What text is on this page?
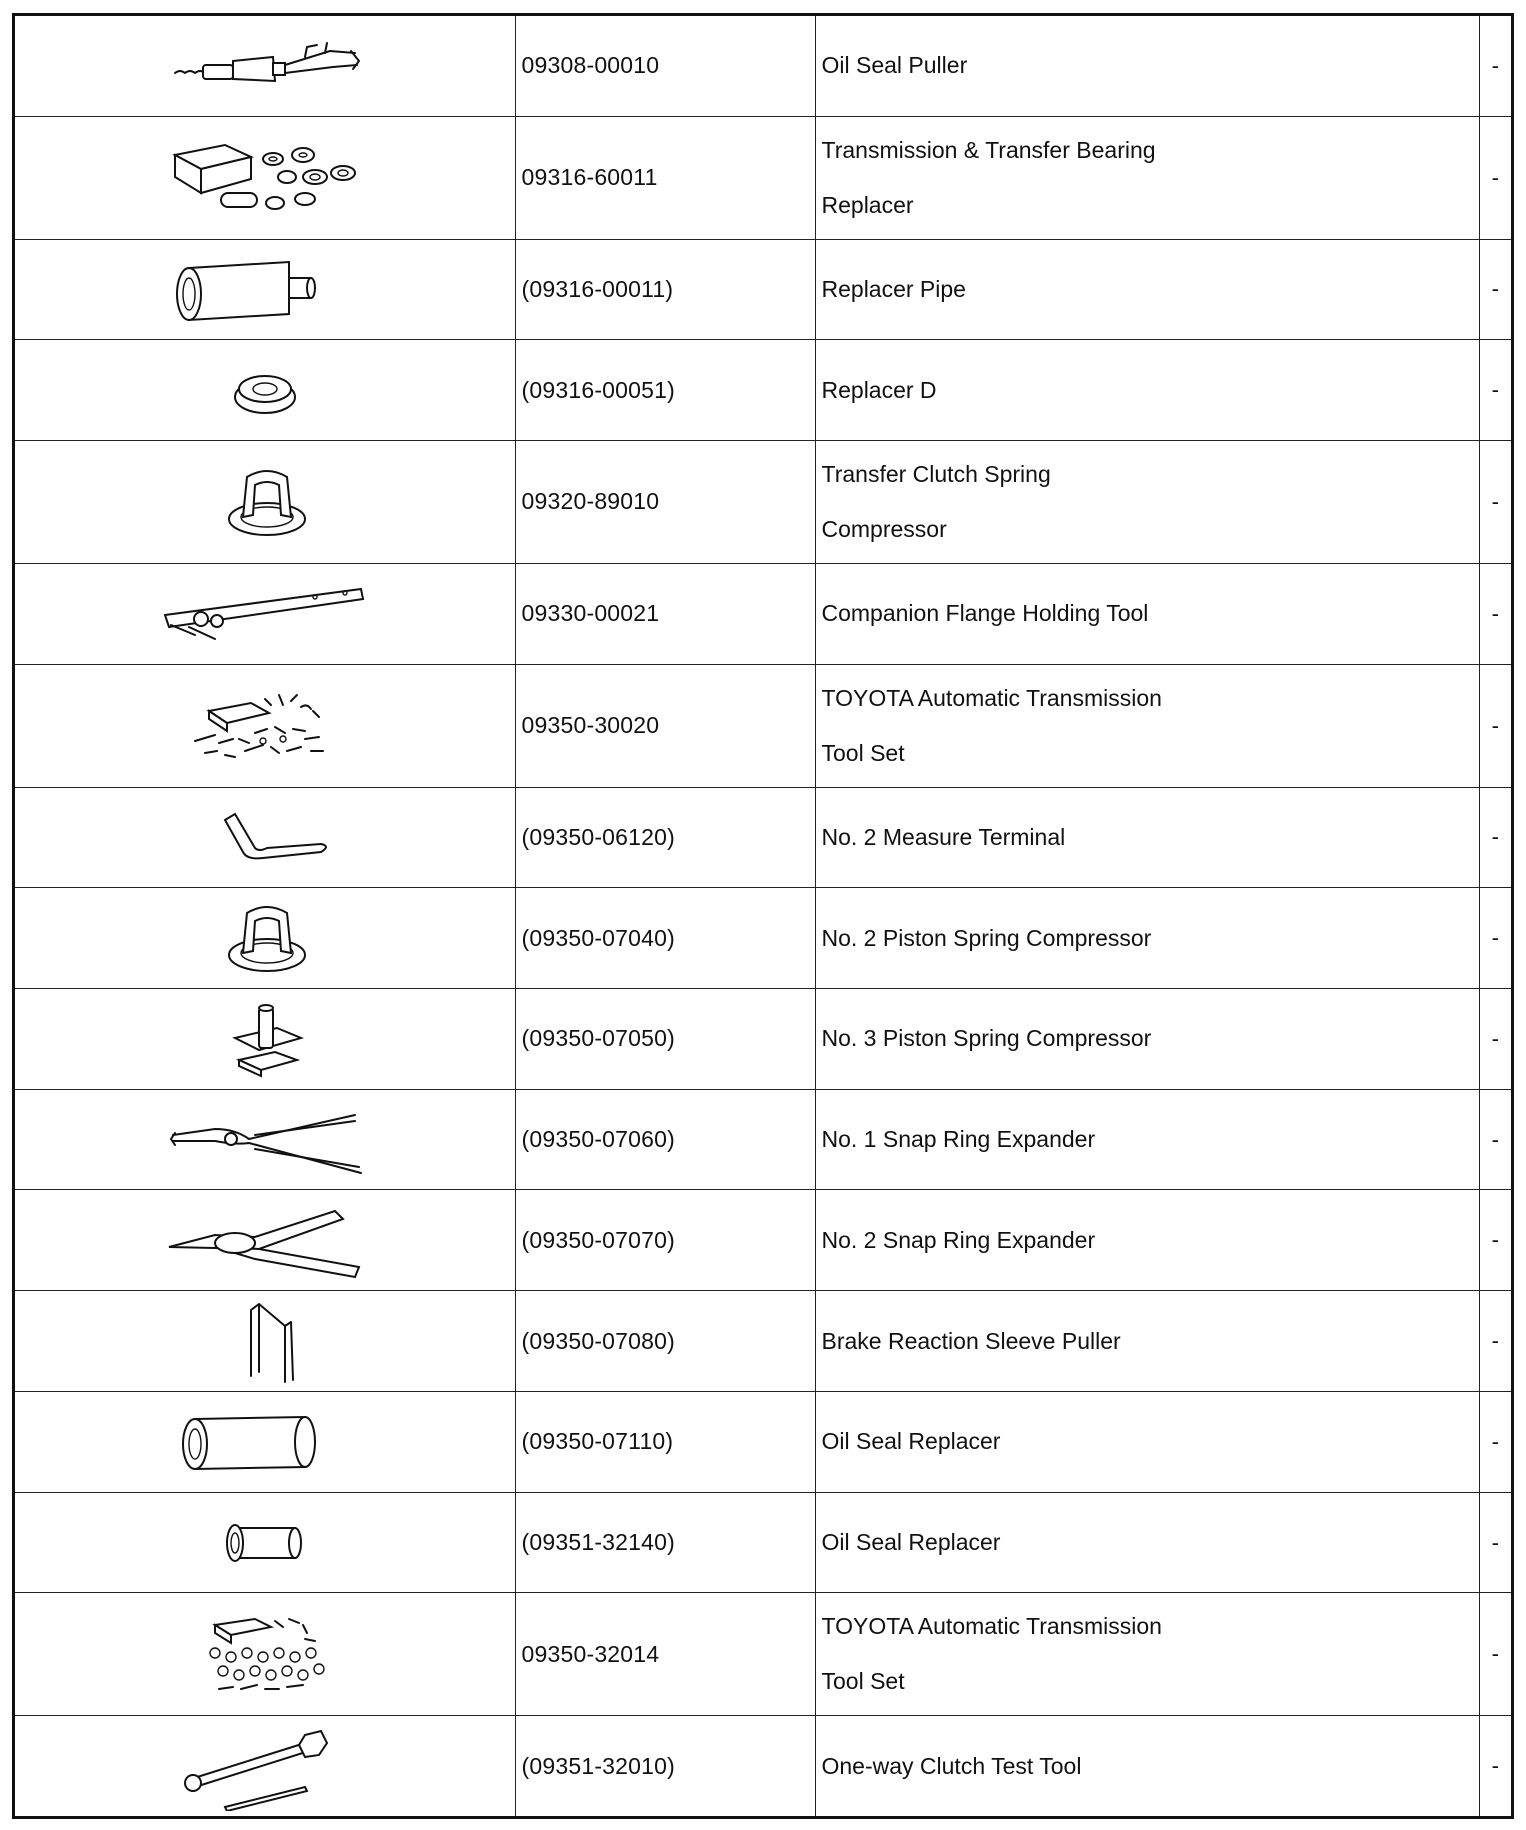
	09308-00010	Oil Seal Puller	-
	09316-60011	Transmission & Transfer Bearing
Replacer	-
	(09316-00011)	Replacer Pipe	-
	(09316-00051)	Replacer D	-
	09320-89010	Transfer Clutch Spring
Compressor	-
	09330-00021	Companion Flange Holding Tool	-
	09350-30020	TOYOTA Automatic Transmission
Tool Set	-
	(09350-06120)	No. 2 Measure Terminal	-
	(09350-07040)	No. 2 Piston Spring Compressor	-
	(09350-07050)	No. 3 Piston Spring Compressor	-
	(09350-07060)	No. 1 Snap Ring Expander	-
	(09350-07070)	No. 2 Snap Ring Expander	-
	(09350-07080)	Brake Reaction Sleeve Puller	-
	(09350-07110)	Oil Seal Replacer	-
	(09351-32140)	Oil Seal Replacer	-
	09350-32014	TOYOTA Automatic Transmission
Tool Set	-
	(09351-32010)	One-way Clutch Test Tool	-
